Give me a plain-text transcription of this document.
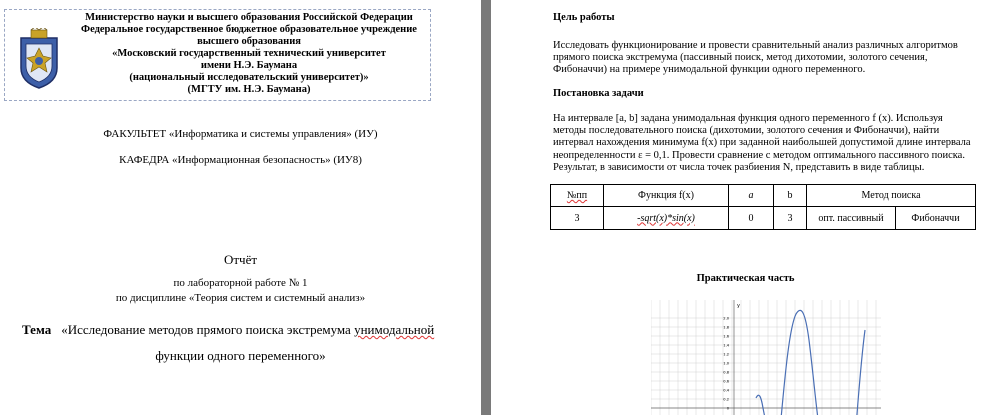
Министерство науки и высшего образования Российской Федерации
Федеральное государственное бюджетное образовательное учреждение
высшего образования
«Московский государственный технический университет
имени Н.Э. Баумана
(национальный исследовательский университет)»
(МГТУ им. Н.Э. Баумана)
ФАКУЛЬТЕТ «Информатика и системы управления» (ИУ)
КАФЕДРА «Информационная безопасность» (ИУ8)
Отчёт
по лабораторной работе № 1
по дисциплине «Теория систем и системный анализ»
Тема «Исследование методов прямого поиска экстремума унимодальной
функции одного переменного»
Цель работы
Исследовать функционирование и провести сравнительный анализ различных алгоритмов
прямого поиска экстремума (пассивный поиск, метод дихотомии, золотого сечения,
Фибоначчи) на примере унимодальной функции одного переменного.
Постановка задачи
На интервале [a, b] задана унимодальная функция одного переменного f (x). Используя
методы последовательного поиска (дихотомии, золотого сечения и Фибоначчи), найти
интервал нахождения минимума f(x) при заданной наибольшей допустимой длине интервала
неопределенности ε = 0,1. Провести сравнение с методом оптимального пассивного поиска.
Результат, в зависимости от числа точек разбиения N, представить в виде таблицы.
№пп	Функция f(x)	a	b	Метод поиска	
3	-sqrt(x)*sin(x)	0	3	опт. пассивный	Фибоначчи
Практическая часть
y
2.0
1.8
1.6
1.4
1.2
1.0
0.8
0.6
0.4
0.2
0
